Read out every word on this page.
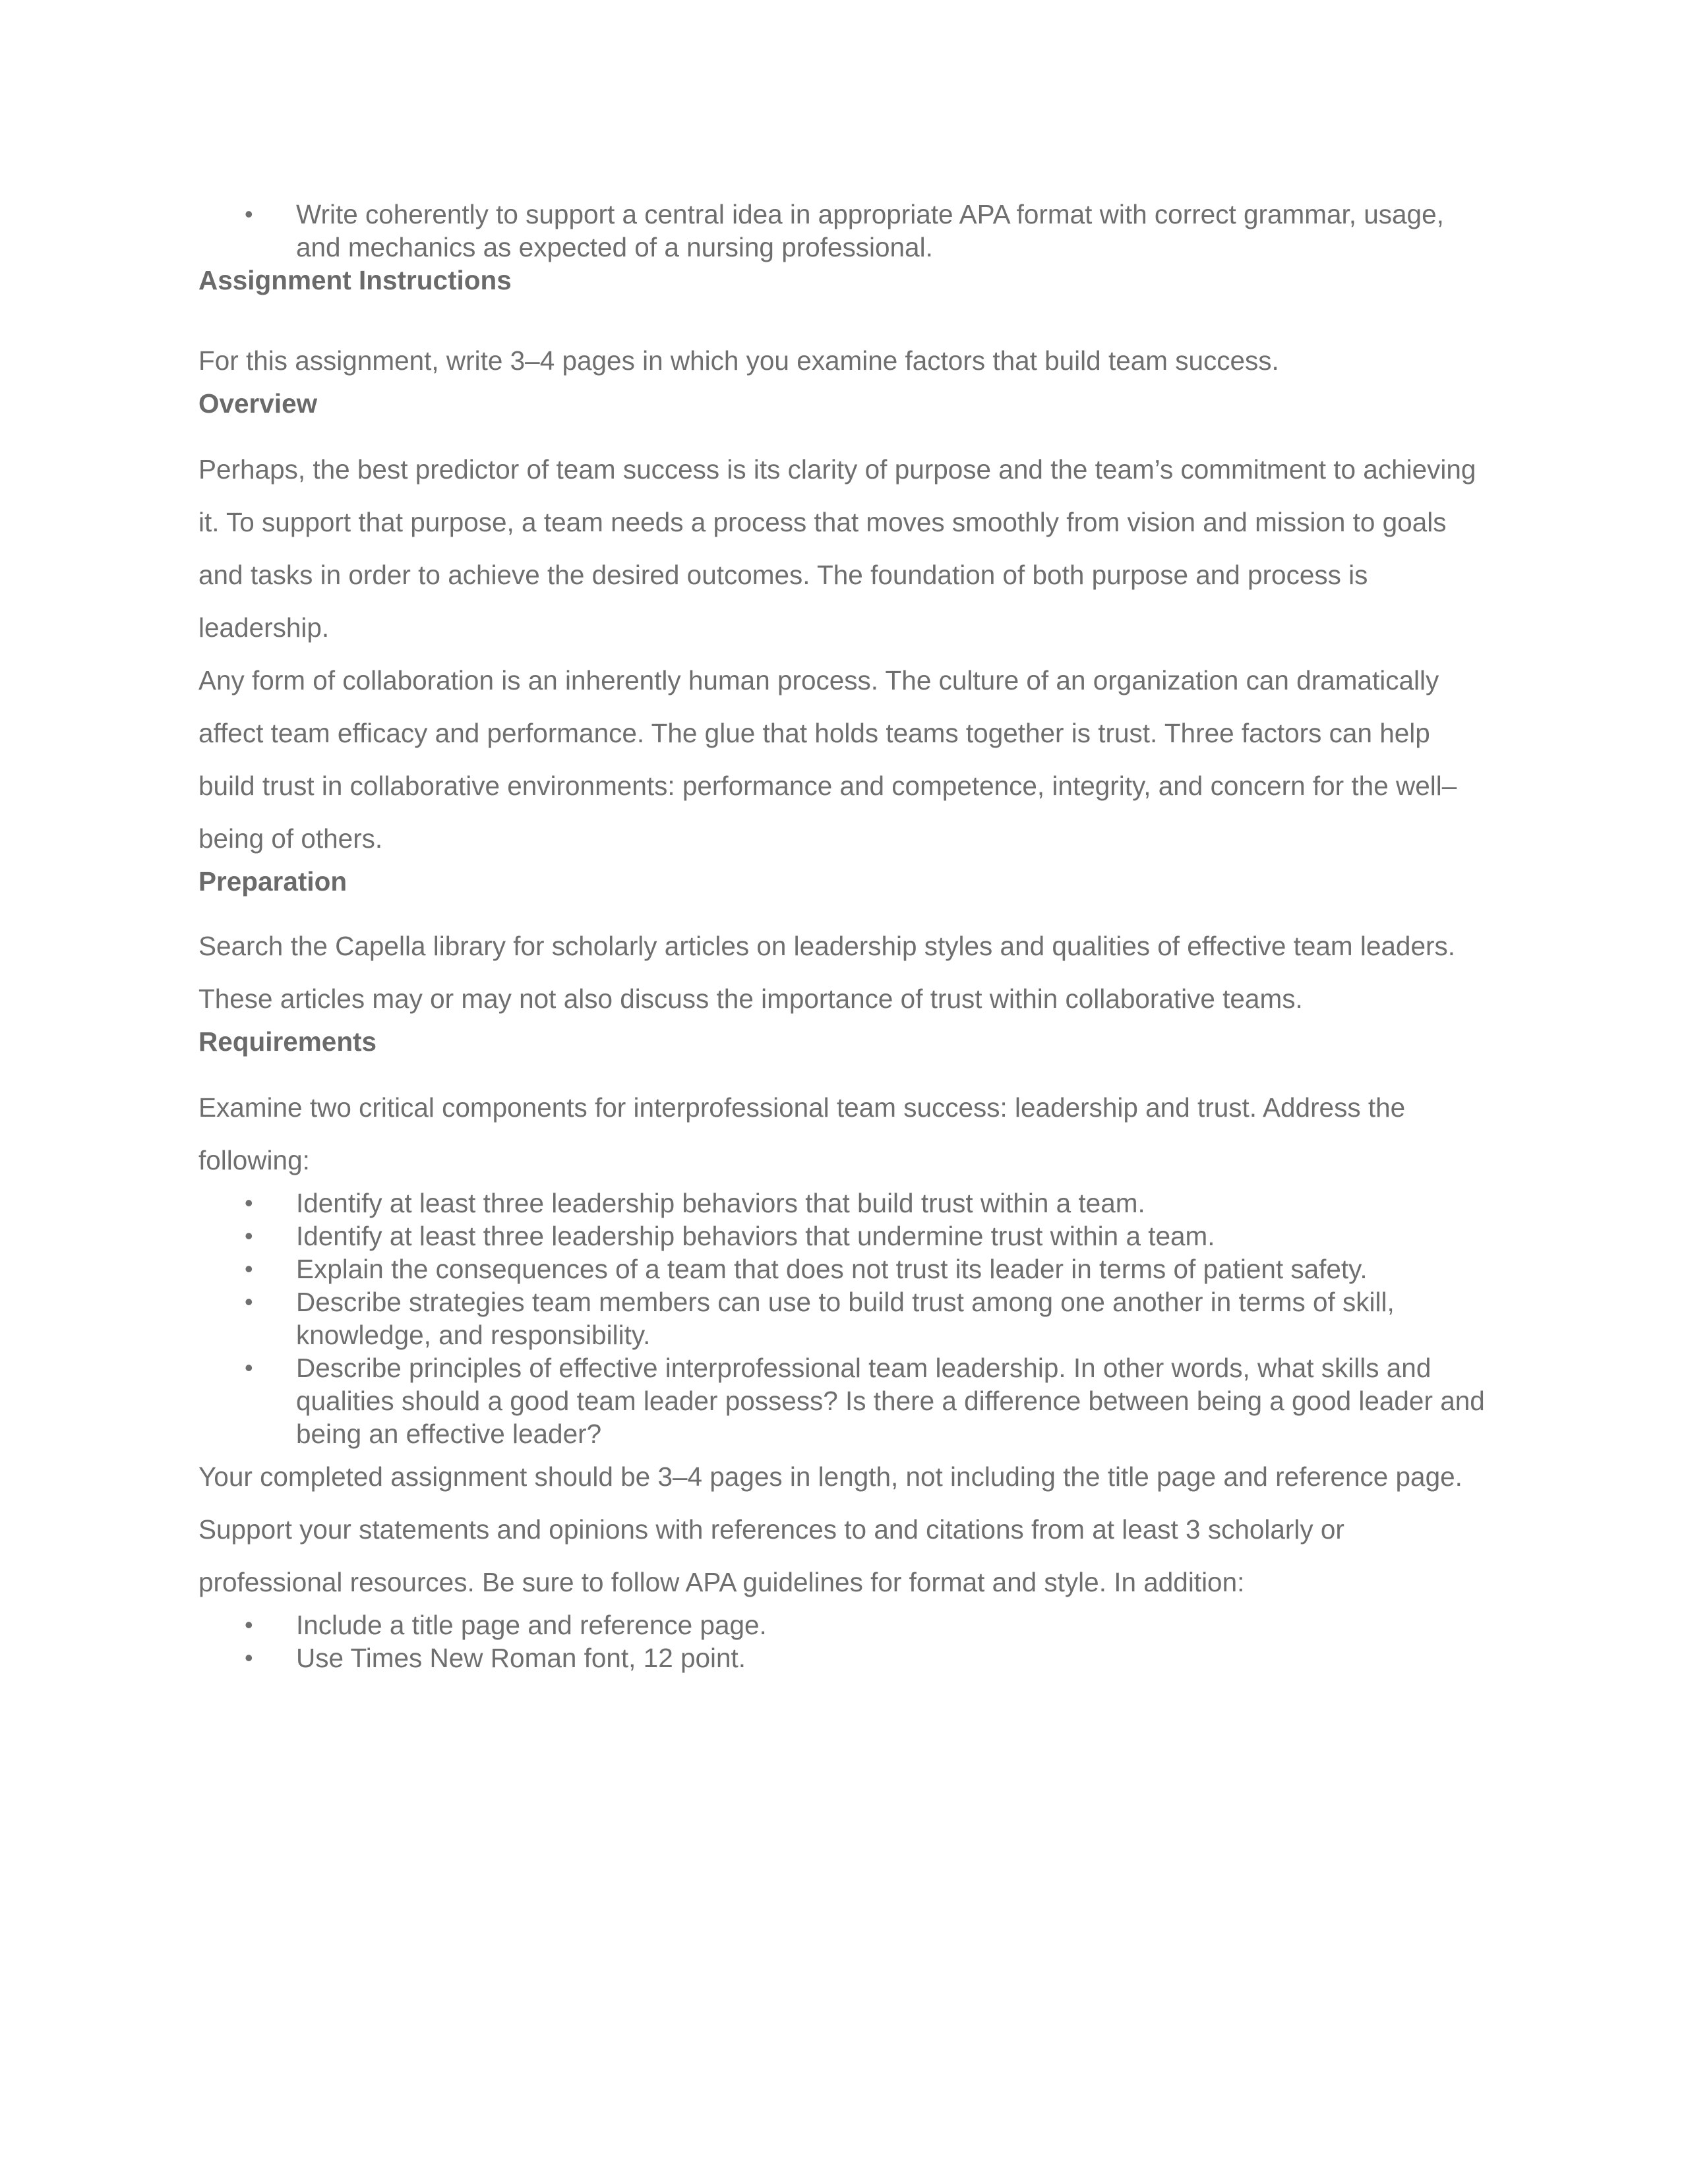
• Write coherently to support a central idea in appropriate APA format with correct grammar, usage, and mechanics as expected of a nursing professional.
Assignment Instructions

For this assignment, write 3–4 pages in which you examine factors that build team success.

Overview

Perhaps, the best predictor of team success is its clarity of purpose and the team’s commitment to achieving it. To support that purpose, a team needs a process that moves smoothly from vision and mission to goals and tasks in order to achieve the desired outcomes. The foundation of both purpose and process is leadership.

Any form of collaboration is an inherently human process. The culture of an organization can dramatically affect team efficacy and performance. The glue that holds teams together is trust. Three factors can help build trust in collaborative environments: performance and competence, integrity, and concern for the well–being of others.

Preparation

Search the Capella library for scholarly articles on leadership styles and qualities of effective team leaders. These articles may or may not also discuss the importance of trust within collaborative teams.

Requirements

Examine two critical components for interprofessional team success: leadership and trust. Address the following:

• Identify at least three leadership behaviors that build trust within a team.
• Identify at least three leadership behaviors that undermine trust within a team.
• Explain the consequences of a team that does not trust its leader in terms of patient safety.
• Describe strategies team members can use to build trust among one another in terms of skill, knowledge, and responsibility.
• Describe principles of effective interprofessional team leadership. In other words, what skills and qualities should a good team leader possess? Is there a difference between being a good leader and being an effective leader?

Your completed assignment should be 3–4 pages in length, not including the title page and reference page. Support your statements and opinions with references to and citations from at least 3 scholarly or professional resources. Be sure to follow APA guidelines for format and style. In addition:

• Include a title page and reference page.
• Use Times New Roman font, 12 point.
